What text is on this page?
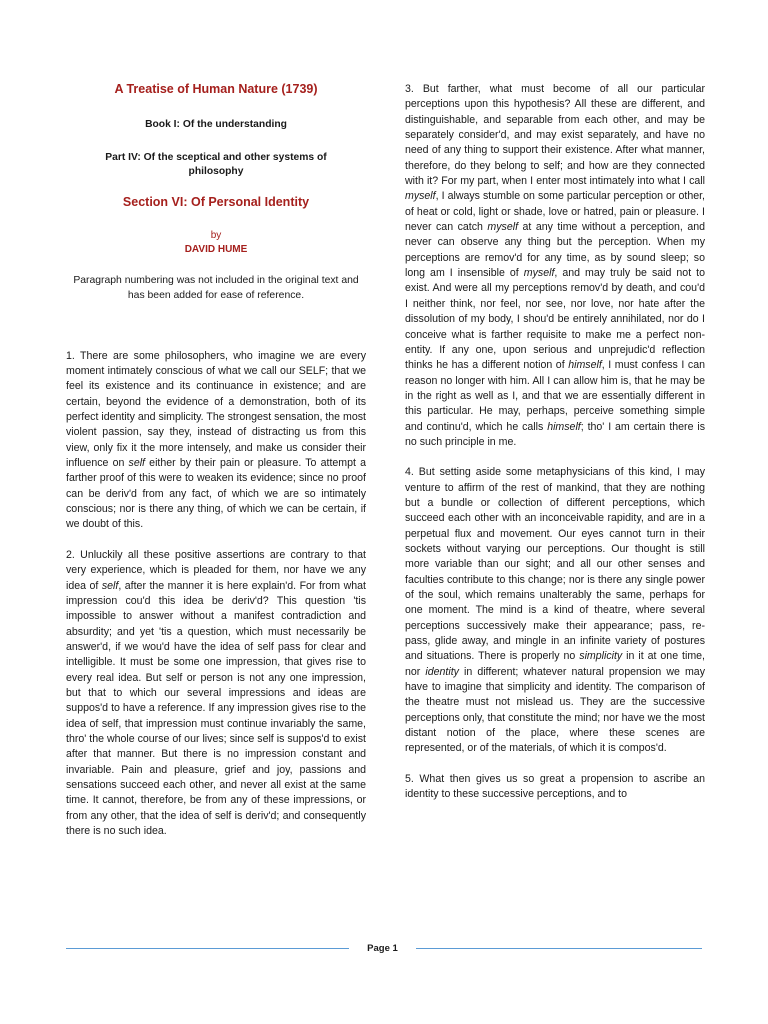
A Treatise of Human Nature (1739)

Book I: Of the understanding

Part IV: Of the sceptical and other systems of philosophy

Section VI: Of Personal Identity
by
DAVID HUME

Paragraph numbering was not included in the original text and has been added for ease of reference.

1. There are some philosophers, who imagine we are every moment intimately conscious of what we call our SELF; that we feel its existence and its continuance in existence; and are certain, beyond the evidence of a demonstration, both of its perfect identity and simplicity. The strongest sensation, the most violent passion, say they, instead of distracting us from this view, only fix it the more intensely, and make us consider their influence on self either by their pain or pleasure. To attempt a farther proof of this were to weaken its evidence; since no proof can be deriv'd from any fact, of which we are so intimately conscious; nor is there any thing, of which we can be certain, if we doubt of this.

2. Unluckily all these positive assertions are contrary to that very experience, which is pleaded for them, nor have we any idea of self, after the manner it is here explain'd. For from what impression cou'd this idea be deriv'd? This question 'tis impossible to answer without a manifest contradiction and absurdity; and yet 'tis a question, which must necessarily be answer'd, if we wou'd have the idea of self pass for clear and intelligible. It must be some one impression, that gives rise to every real idea. But self or person is not any one impression, but that to which our several impressions and ideas are suppos'd to have a reference. If any impression gives rise to the idea of self, that impression must continue invariably the same, thro' the whole course of our lives; since self is suppos'd to exist after that manner. But there is no impression constant and invariable. Pain and pleasure, grief and joy, passions and sensations succeed each other, and never all exist at the same time. It cannot, therefore, be from any of these impressions, or from any other, that the idea of self is deriv'd; and consequently there is no such idea.

3. But farther, what must become of all our particular perceptions upon this hypothesis? All these are different, and distinguishable, and separable from each other, and may be separately consider'd, and may exist separately, and have no need of any thing to support their existence. After what manner, therefore, do they belong to self; and how are they connected with it? For my part, when I enter most intimately into what I call myself, I always stumble on some particular perception or other, of heat or cold, light or shade, love or hatred, pain or pleasure. I never can catch myself at any time without a perception, and never can observe any thing but the perception. When my perceptions are remov'd for any time, as by sound sleep; so long am I insensible of myself, and may truly be said not to exist. And were all my perceptions remov'd by death, and cou'd I neither think, nor feel, nor see, nor love, nor hate after the dissolution of my body, I shou'd be entirely annihilated, nor do I conceive what is farther requisite to make me a perfect non-entity. If any one, upon serious and unprejudic'd reflection thinks he has a different notion of himself, I must confess I can reason no longer with him. All I can allow him is, that he may be in the right as well as I, and that we are essentially different in this particular. He may, perhaps, perceive something simple and continu'd, which he calls himself; tho' I am certain there is no such principle in me.

4. But setting aside some metaphysicians of this kind, I may venture to affirm of the rest of mankind, that they are nothing but a bundle or collection of different perceptions, which succeed each other with an inconceivable rapidity, and are in a perpetual flux and movement. Our eyes cannot turn in their sockets without varying our perceptions. Our thought is still more variable than our sight; and all our other senses and faculties contribute to this change; nor is there any single power of the soul, which remains unalterably the same, perhaps for one moment. The mind is a kind of theatre, where several perceptions successively make their appearance; pass, re-pass, glide away, and mingle in an infinite variety of postures and situations. There is properly no simplicity in it at one time, nor identity in different; whatever natural propension we may have to imagine that simplicity and identity. The comparison of the theatre must not mislead us. They are the successive perceptions only, that constitute the mind; nor have we the most distant notion of the place, where these scenes are represented, or of the materials, of which it is compos'd.

5. What then gives us so great a propension to ascribe an identity to these successive perceptions, and to

Page 1
